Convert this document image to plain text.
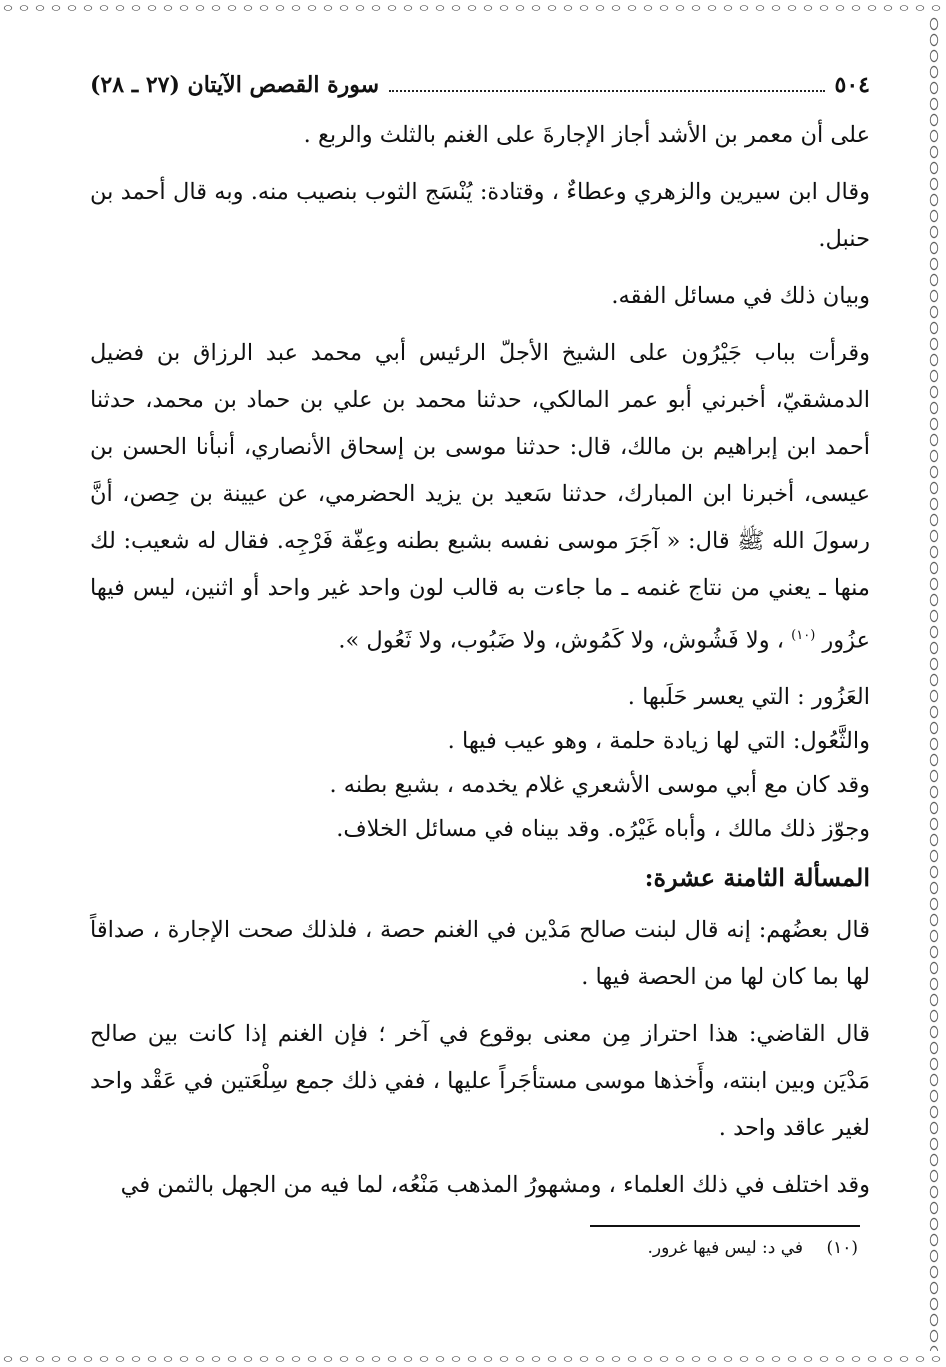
٥٠٤
سورة القصص الآيتان (٢٧ ـ ٢٨)

على أن معمر بن الأشد أجاز الإجارةَ على الغنم بالثلث والربع .

وقال ابن سيرين والزهري وعطاءٌ ، وقتادة: يُنْسَج الثوب بنصيب منه. وبه قال أحمد بن حنبل.

وبيان ذلك في مسائل الفقه.

وقرأت بباب جَيْرُون على الشيخ الأجلّ الرئيس أبي محمد عبد الرزاق بن فضيل الدمشقيّ، أخبرني أبو عمر المالكي، حدثنا محمد بن علي بن حماد بن محمد، حدثنا أحمد ابن إبراهيم بن مالك، قال: حدثنا موسى بن إسحاق الأنصاري، أنبأنا الحسن بن عيسى، أخبرنا ابن المبارك، حدثنا سَعيد بن يزيد الحضرمي، عن عيينة بن حِصن، أنَّ رسولَ الله ﷺ قال: « آجَرَ موسى نفسه بشبع بطنه وعِفّة فَرْجِه. فقال له شعيب: لك منها ـ يعني من نتاج غنمه ـ ما جاءت به قالب لون واحد غير واحد أو اثنين، ليس فيها عزُور $^{(١٠)}$ ، ولا فَشُوش، ولا كَمُوش، ولا ضَبُوب، ولا ثَعُول ».

العَزُور : التي يعسر حَلَبها .

والثَّعُول: التي لها زيادة حلمة ، وهو عيب فيها .

وقد كان مع أبي موسى الأشعري غلام يخدمه ، بشبع بطنه .

وجوّز ذلك مالك ، وأباه غَيْرُه. وقد بيناه في مسائل الخلاف.

المسألة الثامنة عشرة:

قال بعضُهم: إنه قال لبنت صالح مَدْين في الغنم حصة ، فلذلك صحت الإجارة ، صداقاً لها بما كان لها من الحصة فيها .

قال القاضي: هذا احتراز مِن معنى بوقوع في آخر ؛ فإن الغنم إذا كانت بين صالح مَدْيَن وبين ابنته، وأَخذها موسى مستأجَراً عليها ، ففي ذلك جمع سِلْعَتين في عَقْد واحد لغير عاقد واحد .

وقد اختلف في ذلك العلماء ، ومشهورُ المذهب مَنْعُه، لما فيه من الجهل بالثمن في

(١٠) في د: ليس فيها غرور.
